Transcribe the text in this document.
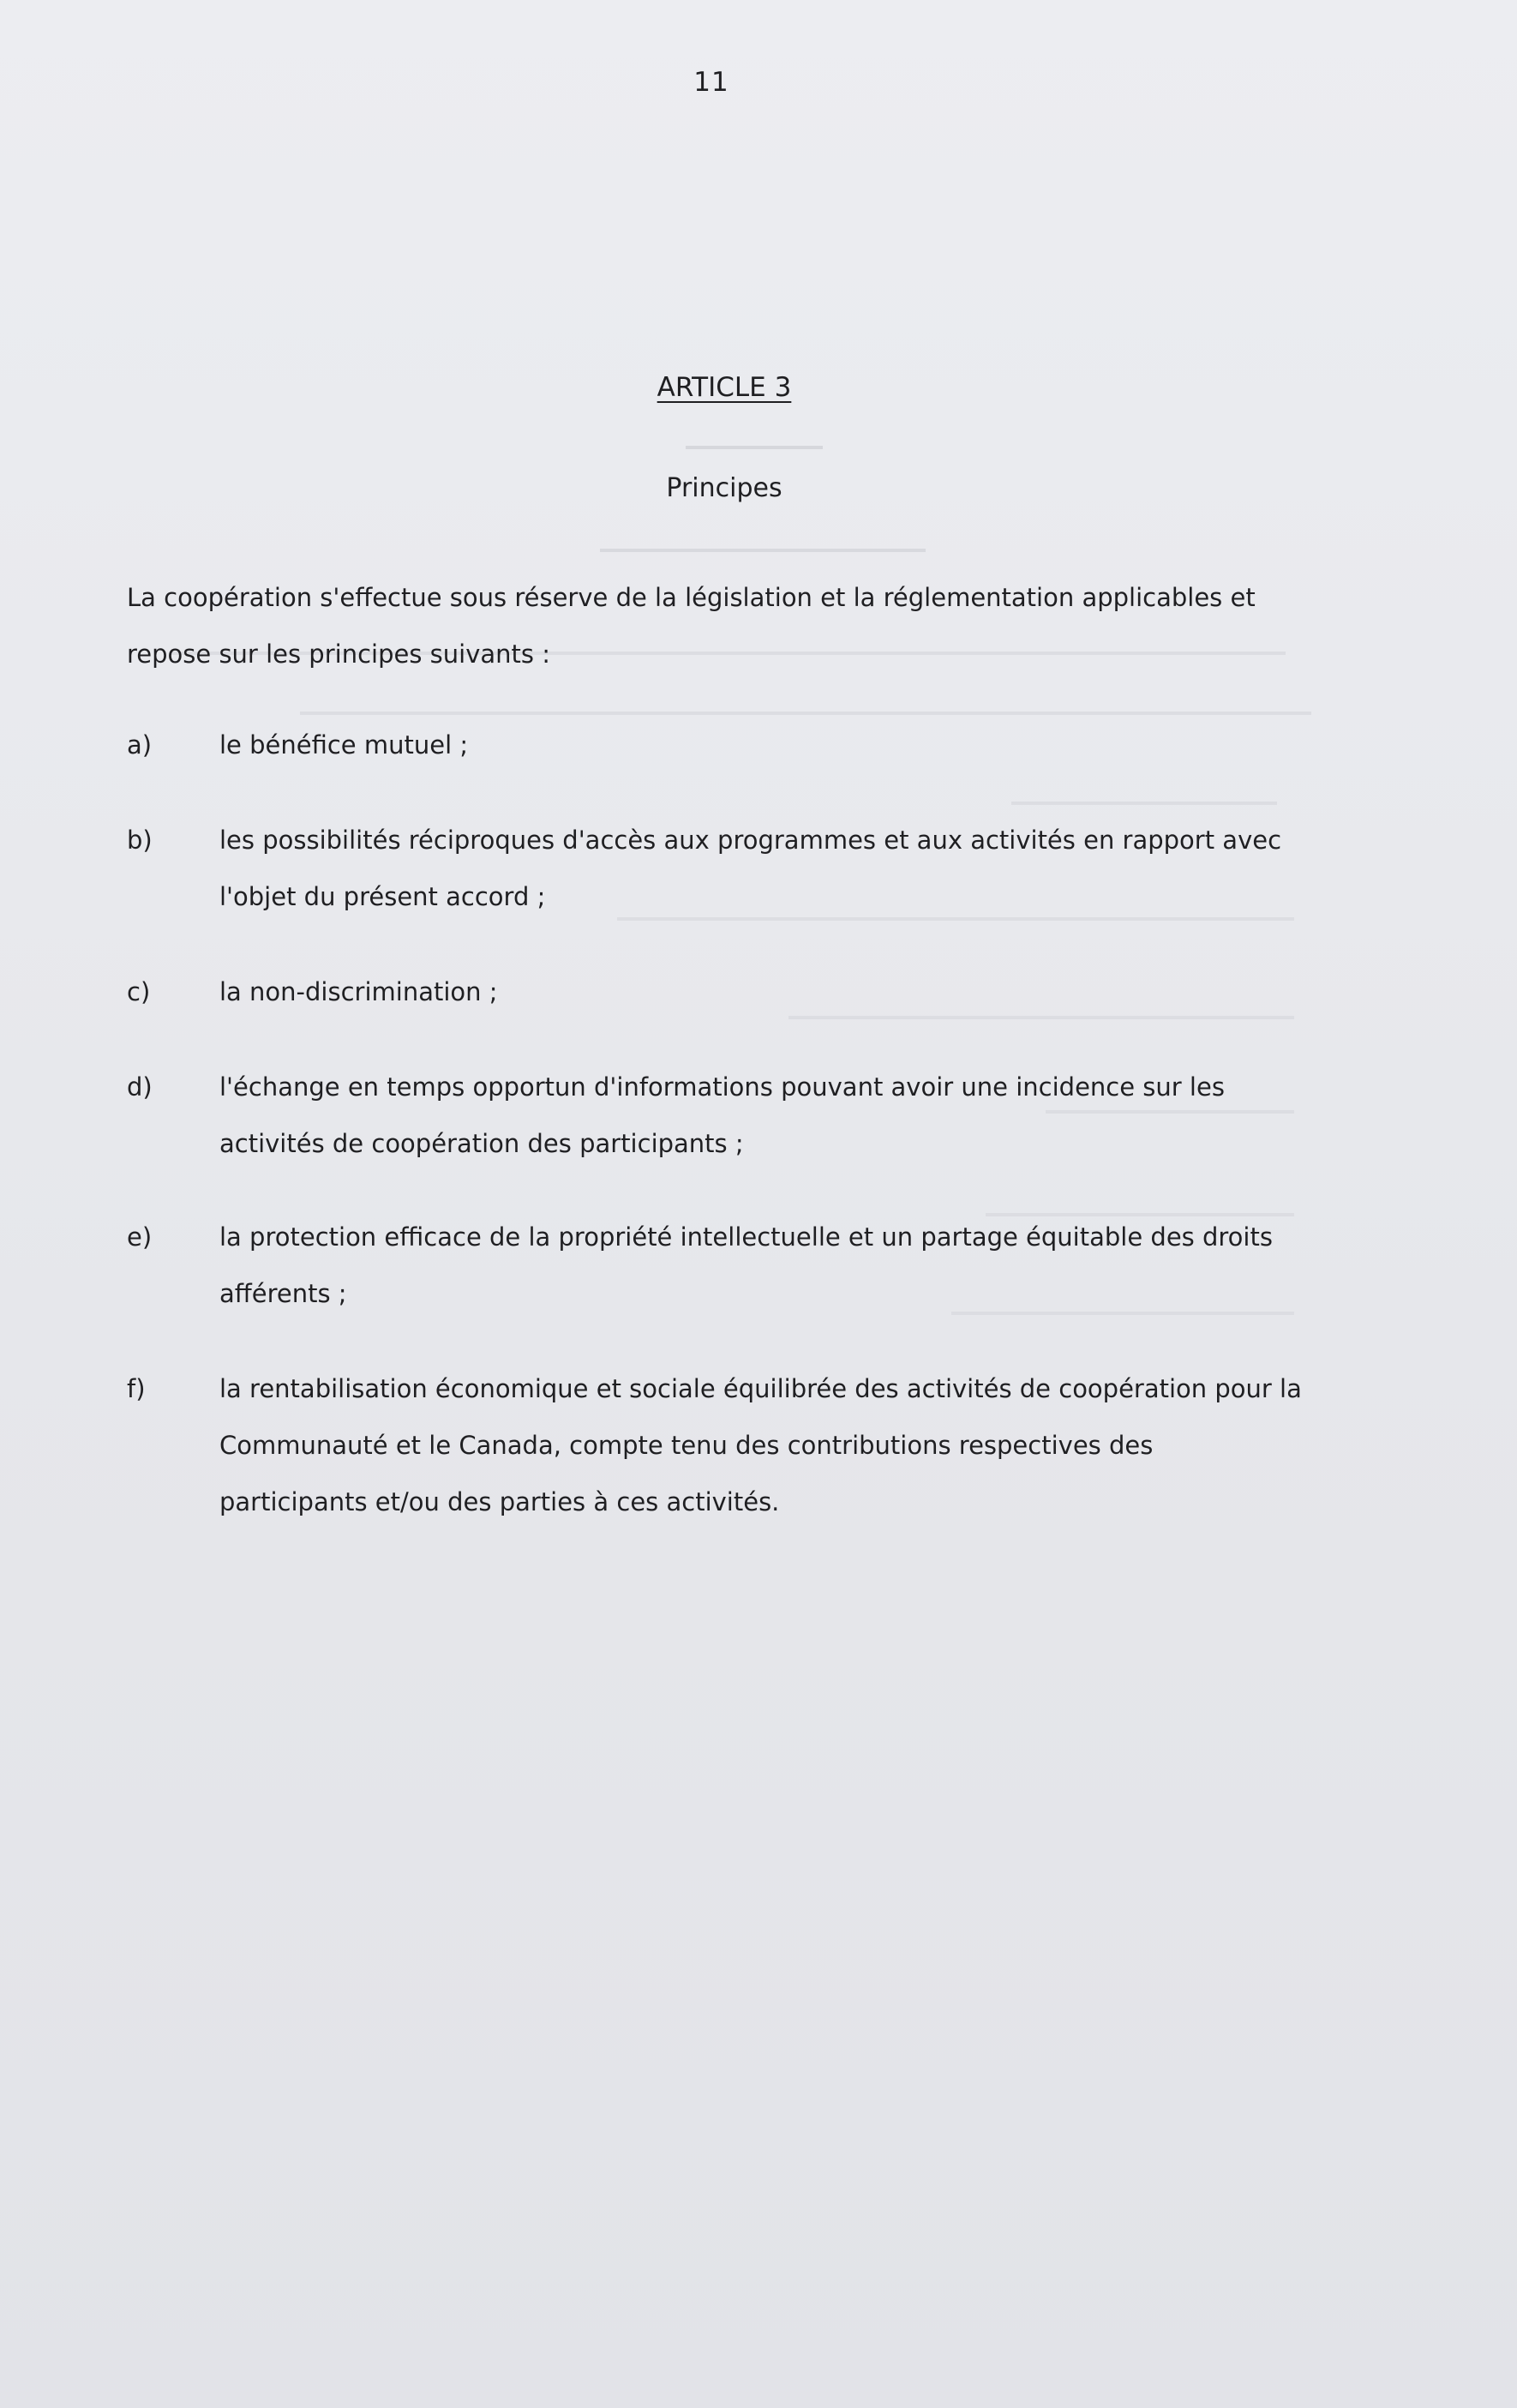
11
ARTICLE 3
Principes
La coopération s'effectue sous réserve de la législation et la réglementation applicables et
repose sur les principes suivants :
a)	le bénéfice mutuel ;
b)	les possibilités réciproques d'accès aux programmes et aux activités en rapport avec
l'objet du présent accord ;
c)	la non-discrimination ;
d)	l'échange en temps opportun d'informations pouvant avoir une incidence sur les
activités de coopération des participants ;
e)	la protection efficace de la propriété intellectuelle et un partage équitable des droits
afférents ;
f)	la rentabilisation économique et sociale équilibrée des activités de coopération pour la
Communauté et le Canada, compte tenu des contributions respectives des
participants et/ou des parties à ces activités.
